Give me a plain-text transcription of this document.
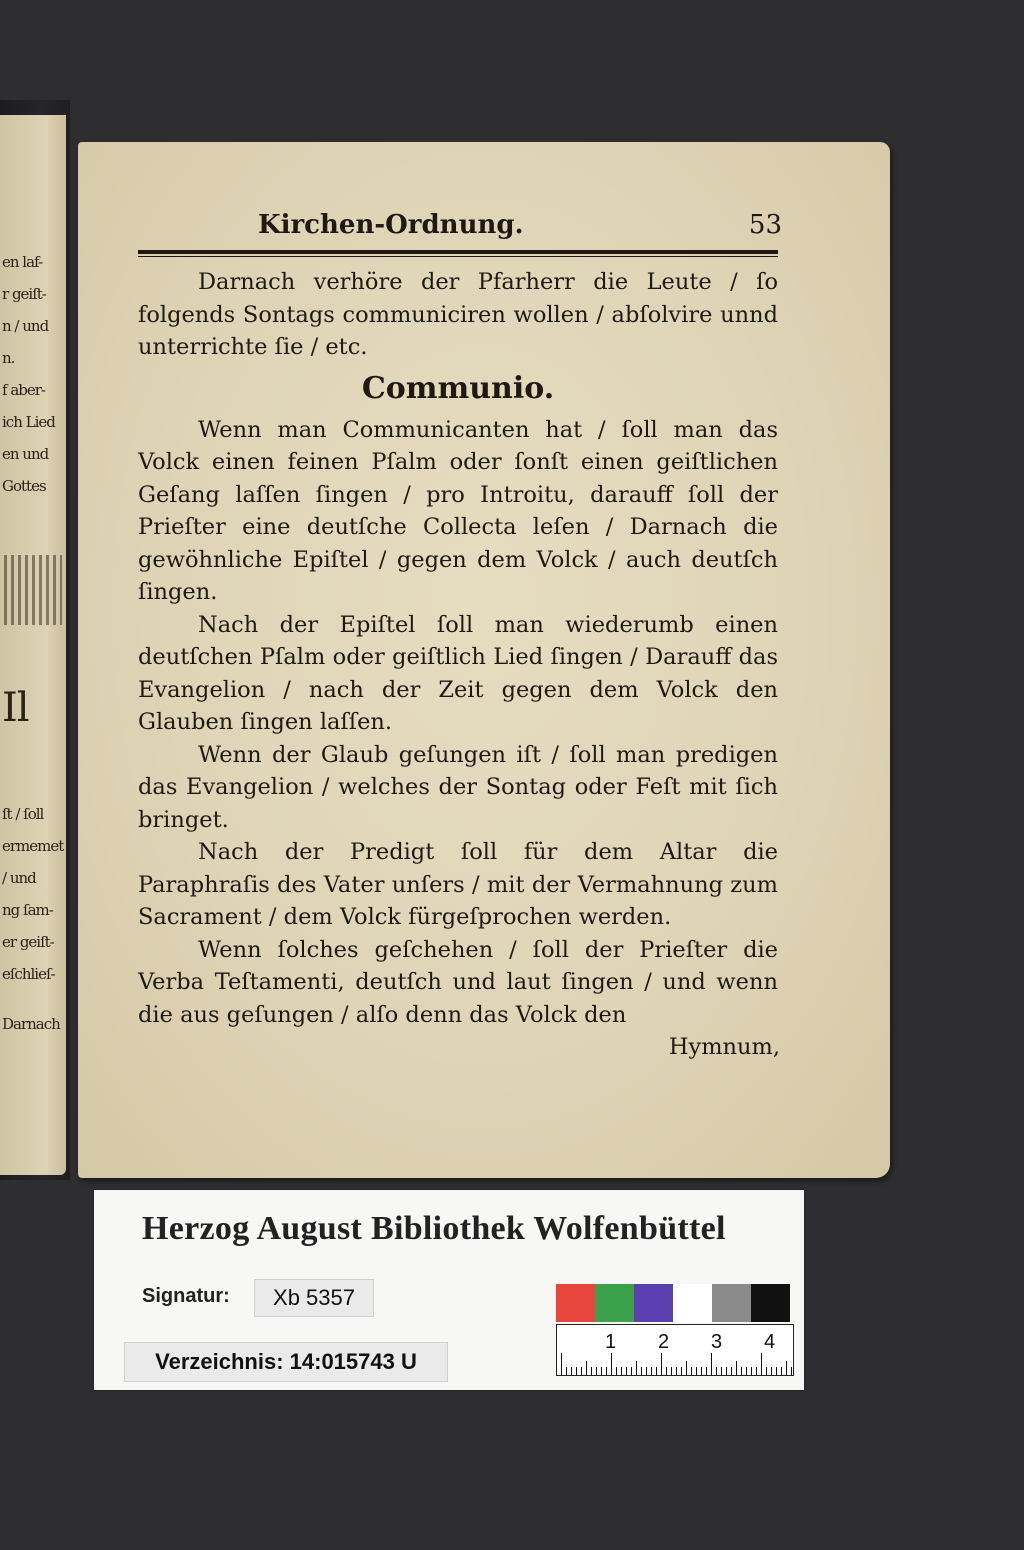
en laf-
r geiſt-
n / und
n.
f aber-
ich Lied
en und
Gottes
Il
ſt / ſoll
ermemet
/ und
ng ſam-
er geiſt-
eſchlieſ-
Darnach
Kirchen-Ordnung.	53

Darnach verhöre der Pfarherr die Leute / ſo folgends Sontags communiciren wollen / abſolvire unnd unterrichte ſie / etc.

Communio.

Wenn man Communicanten hat / ſoll man das Volck einen feinen Pſalm oder ſonſt einen geiſtlichen Geſang laſſen ſingen / pro Introitu, darauff ſoll der Prieſter eine deutſche Collecta leſen / Darnach die gewöhnliche Epiſtel / gegen dem Volck / auch deutſch ſingen.

Nach der Epiſtel ſoll man wiederumb einen deutſchen Pſalm oder geiſtlich Lied ſingen / Darauff das Evangelion / nach der Zeit gegen dem Volck den Glauben ſingen laſſen.

Wenn der Glaub geſungen iſt / ſoll man predigen das Evangelion / welches der Sontag oder Feſt mit ſich bringet.

Nach der Predigt ſoll für dem Altar die Paraphraſis des Vater unſers / mit der Vermahnung zum Sacrament / dem Volck fürgeſprochen werden.

Wenn ſolches geſchehen / ſoll der Prieſter die Verba Teſtamenti, deutſch und laut ſingen / und wenn die aus geſungen / alſo denn das Volck den

Hymnum,

Herzog August Bibliothek Wolfenbüttel
Signatur:	Xb 5357
Verzeichnis: 14:015743 U
1 2 3 4
